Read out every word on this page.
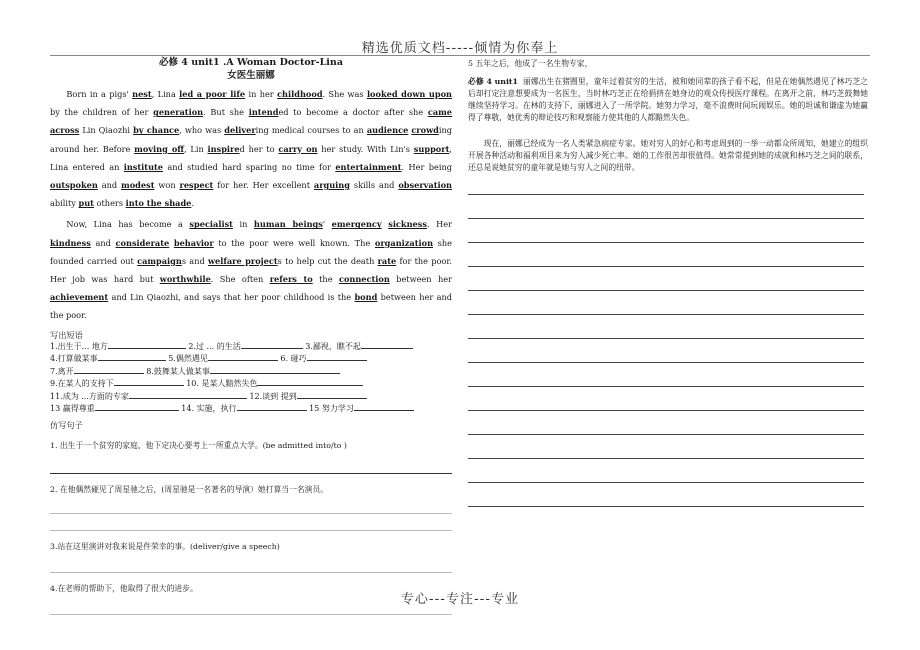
精选优质文档-----倾情为你奉上
必修 4 unit1 .A Woman Doctor-Lina
女医生丽娜

Born in a pigs' nest, Lina led a poor life in her childhood. She was looked down upon by the children of her generation. But she intended to become a doctor after she came across Lin Qiaozhi by chance, who was delivering medical courses to an audience crowding around her. Before moving off, Lin inspired her to carry on her study. With Lin's support, Lina entered an institute and studied hard sparing no time for entertainment. Her being outspoken and modest won respect for her. Her excellent arguing skills and observation ability put others into the shade.

Now, Lina has become a specialist in human beings' emergency sickness. Her kindness and considerate behavior to the poor were well known. The organization she founded carried out campaigns and welfare projects to help cut the death rate for the poor. Her job was hard but worthwhile. She often refers to the connection between her achievement and Lin Qiaozhi, and says that her poor childhood is the bond between her and the poor.

写出短语
1.出生于... 地方	2.过 ... 的生活	3.鄙视，瞧不起
4.打算做某事	5.偶然遇见	6. 碰巧
7.离开	8.鼓舞某人做某事
9.在某人的支持下	10. 是某人黯然失色
11.成为 ...方面的专家	12.谈到 提到
13 赢得尊重	14. 实施，执行	15 努力学习
仿写句子
1. 出生于一个贫穷的家庭，他下定决心要考上一所重点大学。(be admitted into/to )
2. 在他偶然碰见了周星驰之后，(周星驰是一名著名的导演）她打算当一名演员。
3.站在这里演讲对我来说是件荣幸的事。(deliver/give a speech)
4.在老师的帮助下，他取得了很大的进步。
5 五年之后，他成了一名生物专家，
必修 4 unit1 丽娜出生在猪圈里，童年过着贫穷的生活，被和她同辈的孩子看不起，但是在她偶然遇见了林巧芝之后却打定注意想要成为一名医生，当时林巧芝正在给捐挤在她身边的观众传授医疗课程。在离开之前，林巧芝鼓舞她继续坚持学习。在林的支持下，丽娜进入了一所学院。她努力学习，毫不浪费时间玩闹娱乐。她的坦诚和谦虚为她赢得了尊敬，她优秀的辩论技巧和观察能力使其他的人都黯然失色。
现在，丽娜已经成为一名人类紧急病症专家。她对穷人的好心和考虑周到的一举一动都众所周知，她建立的组织开展各种活动和福利项目来为穷人减少死亡率。她的工作很苦却很值得。她常常提到她的成就和林巧芝之间的联系，还总是说她贫穷的童年就是她与穷人之间的纽带。
专心---专注---专业
